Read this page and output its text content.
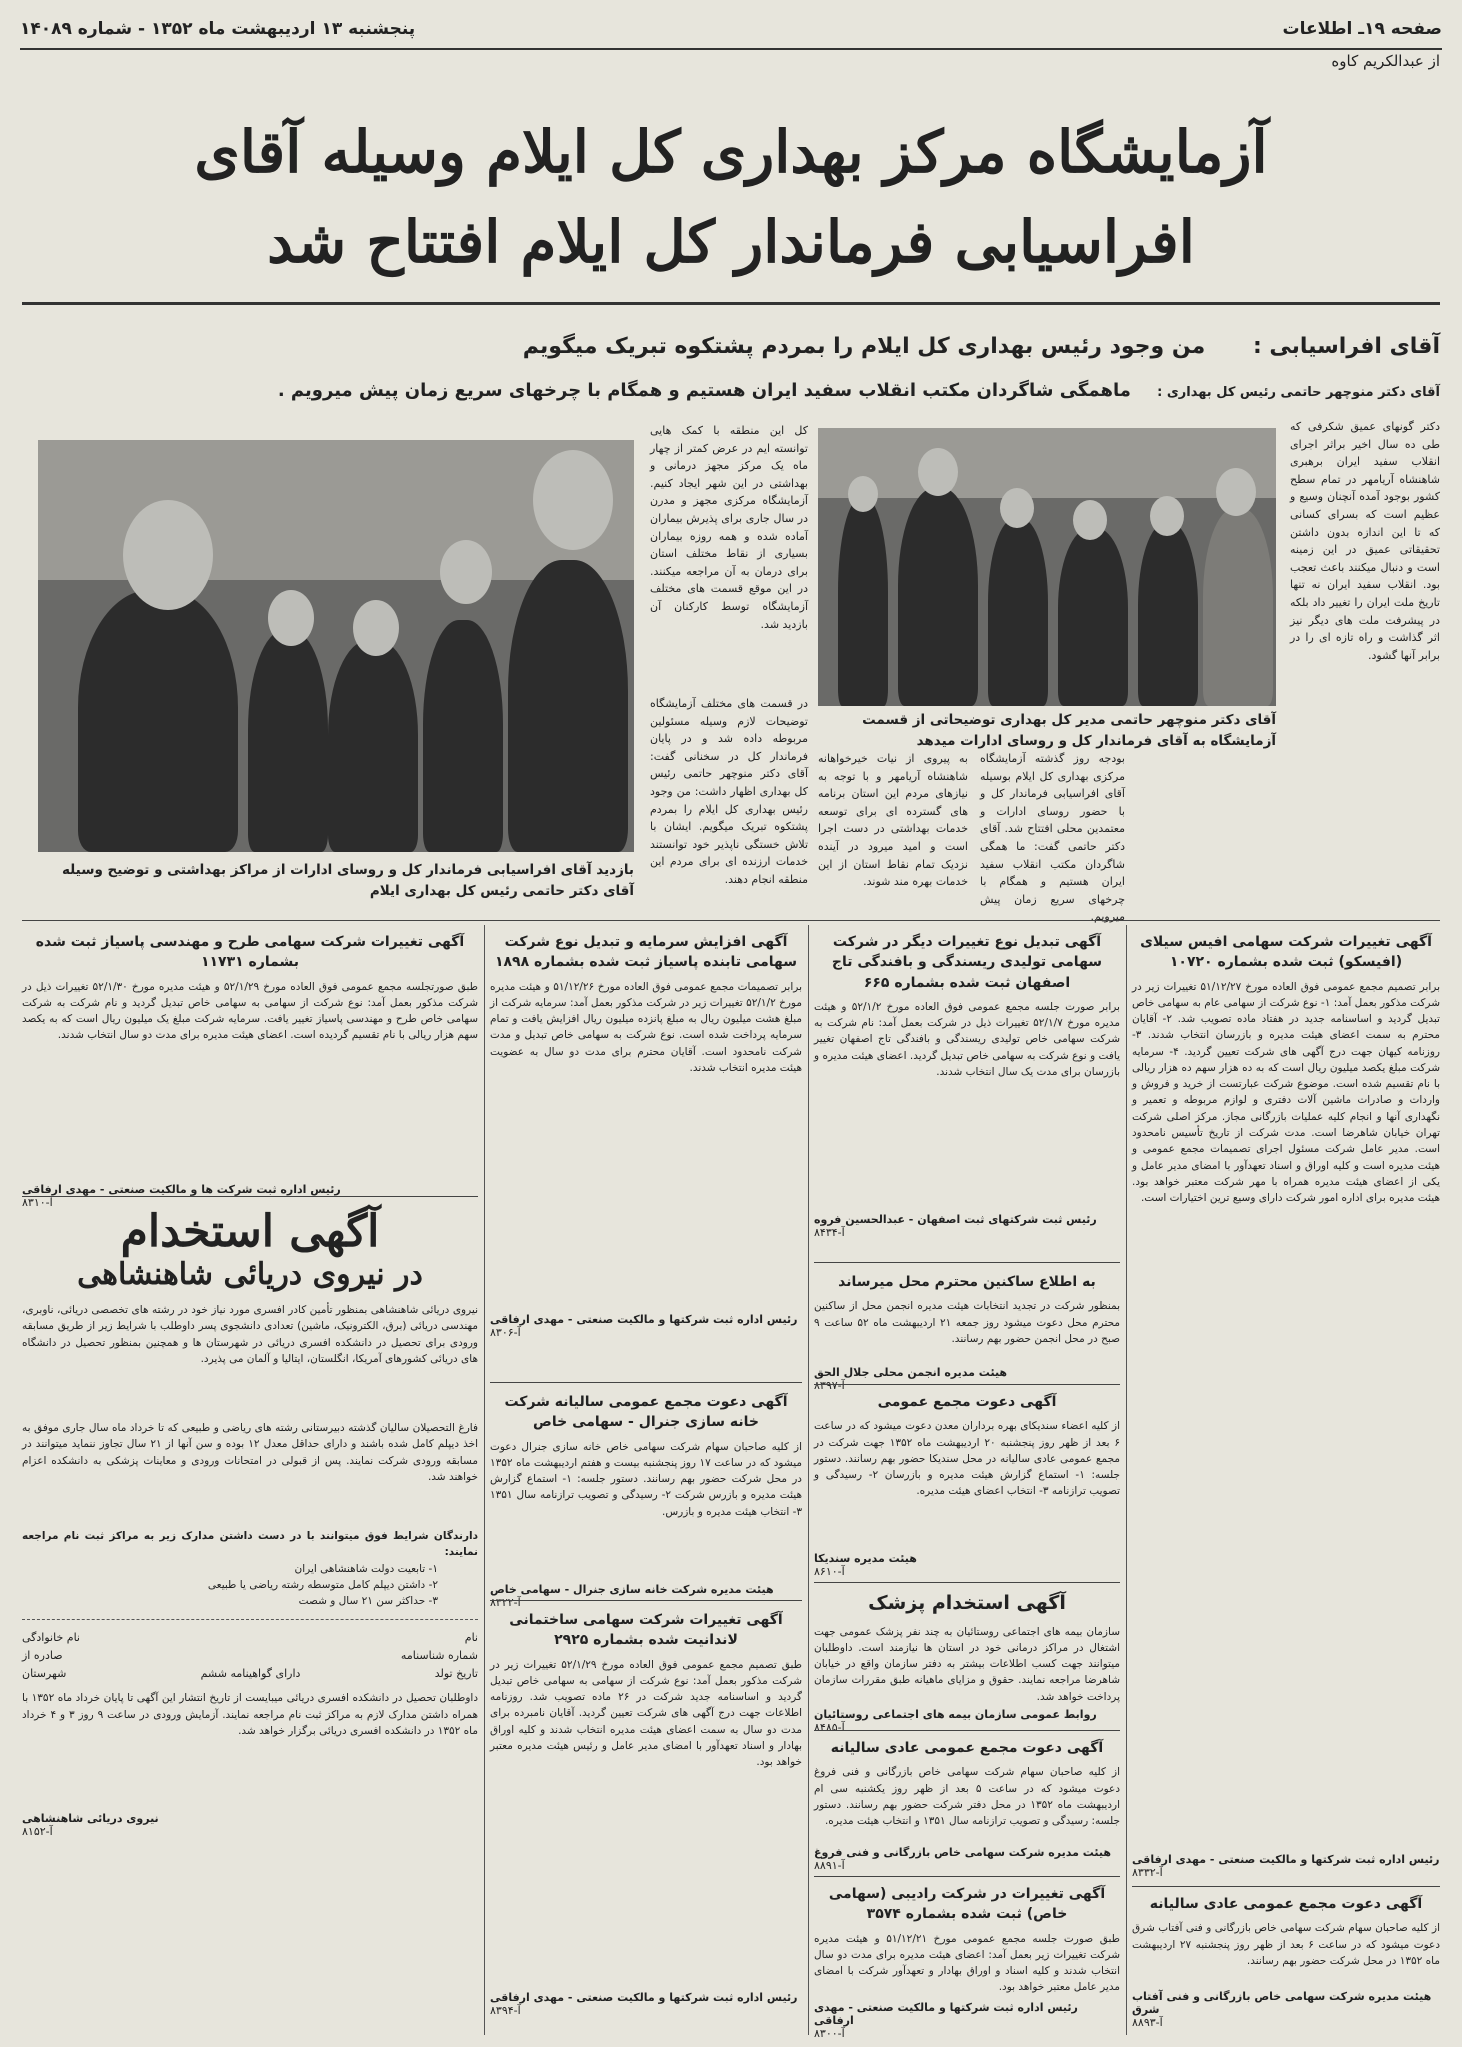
صفحه ۱۹ـ اطلاعات
پنجشنبه ۱۳ اردیبهشت ماه ۱۳۵۲ - شماره ۱۴۰۸۹
از عبدالکریم کاوه
آزمایشگاه مرکز بهداری کل ایلام وسیله آقای
افراسیابی فرماندار کل ایلام افتتاح شد
آقای افراسیابی : من وجود رئیس بهداری کل ایلام را بمردم پشتکوه تبریک میگویم
آقای دکتر منوچهر حاتمی رئیس کل بهداری : ماهمگی شاگردان مکتب انقلاب سفید ایران هستیم و همگام با چرخهای سریع زمان پیش میرویم .
آقای دکتر منوچهر حاتمی مدیر کل بهداری توضیحاتی از قسمت آزمایشگاه به آقای فرماندار کل و روسای ادارات میدهد
دکتر گونهای عمیق شکرفی که طی ده سال اخیر براثر اجرای انقلاب سفید ایران برهبری شاهنشاه آریامهر در تمام سطح کشور بوجود آمده آنچنان وسیع و عظیم است که بسرای کسانی که تا این اندازه بدون داشتن تحقیقاتی عمیق در این زمینه است و دنبال میکنند باعث تعجب بود. انقلاب سفید ایران نه تنها تاریخ ملت ایران را تغییر داد بلکه در پیشرفت ملت های دیگر نیز اثر گذاشت و راه تازه ای را در برابر آنها گشود.
بازدید آقای افراسیابی فرماندار کل و روسای ادارات از مراکز بهداشتی و توضیح وسیله آقای دکتر حاتمی رئیس کل بهداری ایلام
کل این منطقه با کمک هایی توانسته ایم در عرض کمتر از چهار ماه یک مرکز مجهز درمانی و بهداشتی در این شهر ایجاد کنیم. آزمایشگاه مرکزی مجهز و مدرن در سال جاری برای پذیرش بیماران آماده شده و همه روزه بیماران بسیاری از نقاط مختلف استان برای درمان به آن مراجعه میکنند. در این موقع قسمت های مختلف آزمایشگاه توسط کارکنان آن بازدید شد.
در قسمت های مختلف آزمایشگاه توضیحات لازم وسیله مسئولین مربوطه داده شد و در پایان فرماندار کل در سخنانی گفت: آقای دکتر منوچهر حاتمی رئیس کل بهداری اظهار داشت: من وجود رئیس بهداری کل ایلام را بمردم پشتکوه تبریک میگویم. ایشان با تلاش خستگی ناپذیر خود توانستند خدمات ارزنده ای برای مردم این منطقه انجام دهند.
بودجه روز گذشته آزمایشگاه مرکزی بهداری کل ایلام بوسیله آقای افراسیابی فرماندار کل و با حضور روسای ادارات و معتمدین محلی افتتاح شد. آقای دکتر حاتمی گفت: ما همگی شاگردان مکتب انقلاب سفید ایران هستیم و همگام با چرخهای سریع زمان پیش میرویم.
به پیروی از نیات خیرخواهانه شاهنشاه آریامهر و با توجه به نیازهای مردم این استان برنامه های گسترده ای برای توسعه خدمات بهداشتی در دست اجرا است و امید میرود در آینده نزدیک تمام نقاط استان از این خدمات بهره مند شوند.
آگهی تغییرات شرکت سهامی طرح و مهندسی پاسیاز ثبت شده بشماره ۱۱۷۳۱
طبق صورتجلسه مجمع عمومی فوق العاده مورخ ۵۲/۱/۲۹ و هیئت مدیره مورخ ۵۲/۱/۳۰ تغییرات ذیل در شرکت مذکور بعمل آمد: نوع شرکت از سهامی به سهامی خاص تبدیل گردید و نام شرکت به شرکت سهامی خاص طرح و مهندسی پاسیاز تغییر یافت. سرمایه شرکت مبلغ یک میلیون ریال است که به یکصد سهم هزار ریالی با نام تقسیم گردیده است. اعضای هیئت مدیره برای مدت دو سال انتخاب شدند.
رئیس اداره ثبت شرکت ها و مالکیت صنعتی - مهدی ارفاقی
آ-۸۳۱۰
آگهی استخدام
در نیروی دریائی شاهنشاهی
نیروی دریائی شاهنشاهی بمنظور تأمین کادر افسری مورد نیاز خود در رشته های تخصصی دریائی، ناوبری، مهندسی دریائی (برق، الکترونیک، ماشین) تعدادی دانشجوی پسر داوطلب با شرایط زیر از طریق مسابقه ورودی برای تحصیل در دانشکده افسری دریائی در شهرستان ها و همچنین بمنظور تحصیل در دانشگاه های دریائی کشورهای آمریکا، انگلستان، ایتالیا و آلمان می پذیرد.
فارغ التحصیلان سالیان گذشته دبیرستانی رشته های ریاضی و طبیعی که تا خرداد ماه سال جاری موفق به اخذ دیپلم کامل شده باشند و دارای حداقل معدل ۱۲ بوده و سن آنها از ۲۱ سال تجاوز ننماید میتوانند در مسابقه ورودی شرکت نمایند. پس از قبولی در امتحانات ورودی و معاینات پزشکی به دانشکده اعزام خواهند شد.
دارندگان شرایط فوق میتوانند با در دست داشتن مدارک زیر به مراکز ثبت نام مراجعه نمایند:
۱- تابعیت دولت شاهنشاهی ایران
۲- داشتن دیپلم کامل متوسطه رشته ریاضی یا طبیعی
۳- حداکثر سن ۲۱ سال و شصت
نام
نام خانوادگی
شماره شناسنامه
صادره از
تاریخ تولد
دارای گواهینامه ششم
شهرستان
داوطلبان تحصیل در دانشکده افسری دریائی میبایست از تاریخ انتشار این آگهی تا پایان خرداد ماه ۱۳۵۲ با همراه داشتن مدارک لازم به مراکز ثبت نام مراجعه نمایند. آزمایش ورودی در ساعت ۹ روز ۳ و ۴ خرداد ماه ۱۳۵۲ در دانشکده افسری دریائی برگزار خواهد شد.
نیروی دریائی شاهنشاهی
آ-۸۱۵۲
آگهی افزایش سرمایه و تبدیل نوع شرکت سهامی تابنده پاسیاز ثبت شده بشماره ۱۸۹۸
برابر تصمیمات مجمع عمومی فوق العاده مورخ ۵۱/۱۲/۲۶ و هیئت مدیره مورخ ۵۲/۱/۲ تغییرات زیر در شرکت مذکور بعمل آمد: سرمایه شرکت از مبلغ هشت میلیون ریال به مبلغ پانزده میلیون ریال افزایش یافت و تمام سرمایه پرداخت شده است. نوع شرکت به سهامی خاص تبدیل و مدت شرکت نامحدود است. آقایان محترم برای مدت دو سال به عضویت هیئت مدیره انتخاب شدند.
رئیس اداره ثبت شرکتها و مالکیت صنعتی - مهدی ارفاقی
آ-۸۳۰۶
آگهی دعوت مجمع عمومی سالیانه شرکت خانه سازی جنرال - سهامی خاص
از کلیه صاحبان سهام شرکت سهامی خاص خانه سازی جنرال دعوت میشود که در ساعت ۱۷ روز پنجشنبه بیست و هفتم اردیبهشت ماه ۱۳۵۲ در محل شرکت حضور بهم رسانند. دستور جلسه: ۱- استماع گزارش هیئت مدیره و بازرس شرکت ۲- رسیدگی و تصویب ترازنامه سال ۱۳۵۱ ۳- انتخاب هیئت مدیره و بازرس.
هیئت مدیره شرکت خانه سازی جنرال - سهامی خاص
آ-۸۳۲۲
آگهی تغییرات شرکت سهامی ساختمانی لاندانیت شده بشماره ۲۹۲۵
طبق تصمیم مجمع عمومی فوق العاده مورخ ۵۲/۱/۲۹ تغییرات زیر در شرکت مذکور بعمل آمد: نوع شرکت از سهامی به سهامی خاص تبدیل گردید و اساسنامه جدید شرکت در ۲۶ ماده تصویب شد. روزنامه اطلاعات جهت درج آگهی های شرکت تعیین گردید. آقایان نامبرده برای مدت دو سال به سمت اعضای هیئت مدیره انتخاب شدند و کلیه اوراق بهادار و اسناد تعهدآور با امضای مدیر عامل و رئیس هیئت مدیره معتبر خواهد بود.
رئیس اداره ثبت شرکتها و مالکیت صنعتی - مهدی ارفاقی
آ-۸۳۹۴
آگهی تبدیل نوع تغییرات دیگر در شرکت سهامی تولیدی ریسندگی و بافندگی تاج اصفهان ثبت شده بشماره ۶۶۵
برابر صورت جلسه مجمع عمومی فوق العاده مورخ ۵۲/۱/۲ و هیئت مدیره مورخ ۵۲/۱/۷ تغییرات ذیل در شرکت بعمل آمد: نام شرکت به شرکت سهامی خاص تولیدی ریسندگی و بافندگی تاج اصفهان تغییر یافت و نوع شرکت به سهامی خاص تبدیل گردید. اعضای هیئت مدیره و بازرسان برای مدت یک سال انتخاب شدند.
رئیس ثبت شرکتهای ثبت اصفهان - عبدالحسین فروه
آ-۸۴۳۴
به اطلاع ساکنین محترم محل میرساند
بمنظور شرکت در تجدید انتخابات هیئت مدیره انجمن محل از ساکنین محترم محل دعوت میشود روز جمعه ۲۱ اردیبهشت ماه ۵۲ ساعت ۹ صبح در محل انجمن حضور بهم رسانند.
هیئت مدیره انجمن محلی جلال الحق
آ-۸۳۹۷
آگهی دعوت مجمع عمومی
از کلیه اعضاء سندیکای بهره برداران معدن دعوت میشود که در ساعت ۶ بعد از ظهر روز پنجشنبه ۲۰ اردیبهشت ماه ۱۳۵۲ جهت شرکت در مجمع عمومی عادی سالیانه در محل سندیکا حضور بهم رسانند. دستور جلسه: ۱- استماع گزارش هیئت مدیره و بازرسان ۲- رسیدگی و تصویب ترازنامه ۳- انتخاب اعضای هیئت مدیره.
هیئت مدیره سندیکا
آ-۸۶۱۰
آگهی استخدام پزشک
سازمان بیمه های اجتماعی روستائیان به چند نفر پزشک عمومی جهت اشتغال در مراکز درمانی خود در استان ها نیازمند است. داوطلبان میتوانند جهت کسب اطلاعات بیشتر به دفتر سازمان واقع در خیابان شاهرضا مراجعه نمایند. حقوق و مزایای ماهیانه طبق مقررات سازمان پرداخت خواهد شد.
روابط عمومی سازمان بیمه های اجتماعی روستائیان
آ-۸۴۸۵
آگهی دعوت مجمع عمومی عادی سالیانه
از کلیه صاحبان سهام شرکت سهامی خاص بازرگانی و فنی فروغ دعوت میشود که در ساعت ۵ بعد از ظهر روز یکشنبه سی ام اردیبهشت ماه ۱۳۵۲ در محل دفتر شرکت حضور بهم رسانند. دستور جلسه: رسیدگی و تصویب ترازنامه سال ۱۳۵۱ و انتخاب هیئت مدیره.
هیئت مدیره شرکت سهامی خاص بازرگانی و فنی فروغ
آ-۸۸۹۱
آگهی تغییرات در شرکت رادیبی (سهامی خاص) ثبت شده بشماره ۳۵۷۴
طبق صورت جلسه مجمع عمومی مورخ ۵۱/۱۲/۲۱ و هیئت مدیره شرکت تغییرات زیر بعمل آمد: اعضای هیئت مدیره برای مدت دو سال انتخاب شدند و کلیه اسناد و اوراق بهادار و تعهدآور شرکت با امضای مدیر عامل معتبر خواهد بود.
رئیس اداره ثبت شرکتها و مالکیت صنعتی - مهدی ارفاقی
آ-۸۳۰۰
آگهی تغییرات شرکت سهامی افیس سیلای (افیسکو) ثبت شده بشماره ۱۰۷۲۰
برابر تصمیم مجمع عمومی فوق العاده مورخ ۵۱/۱۲/۲۷ تغییرات زیر در شرکت مذکور بعمل آمد: ۱- نوع شرکت از سهامی عام به سهامی خاص تبدیل گردید و اساسنامه جدید در هفتاد ماده تصویب شد. ۲- آقایان محترم به سمت اعضای هیئت مدیره و بازرسان انتخاب شدند. ۳- روزنامه کیهان جهت درج آگهی های شرکت تعیین گردید. ۴- سرمایه شرکت مبلغ یکصد میلیون ریال است که به ده هزار سهم ده هزار ریالی با نام تقسیم شده است. موضوع شرکت عبارتست از خرید و فروش و واردات و صادرات ماشین آلات دفتری و لوازم مربوطه و تعمیر و نگهداری آنها و انجام کلیه عملیات بازرگانی مجاز. مرکز اصلی شرکت تهران خیابان شاهرضا است. مدت شرکت از تاریخ تأسیس نامحدود است. مدیر عامل شرکت مسئول اجرای تصمیمات مجمع عمومی و هیئت مدیره است و کلیه اوراق و اسناد تعهدآور با امضای مدیر عامل و یکی از اعضای هیئت مدیره همراه با مهر شرکت معتبر خواهد بود. هیئت مدیره برای اداره امور شرکت دارای وسیع ترین اختیارات است.
رئیس اداره ثبت شرکتها و مالکیت صنعتی - مهدی ارفاقی
آ-۸۳۳۲
آگهی دعوت مجمع عمومی عادی سالیانه
از کلیه صاحبان سهام شرکت سهامی خاص بازرگانی و فنی آفتاب شرق دعوت میشود که در ساعت ۶ بعد از ظهر روز پنجشنبه ۲۷ اردیبهشت ماه ۱۳۵۲ در محل شرکت حضور بهم رسانند.
هیئت مدیره شرکت سهامی خاص بازرگانی و فنی آفتاب شرق
آ-۸۸۹۳
